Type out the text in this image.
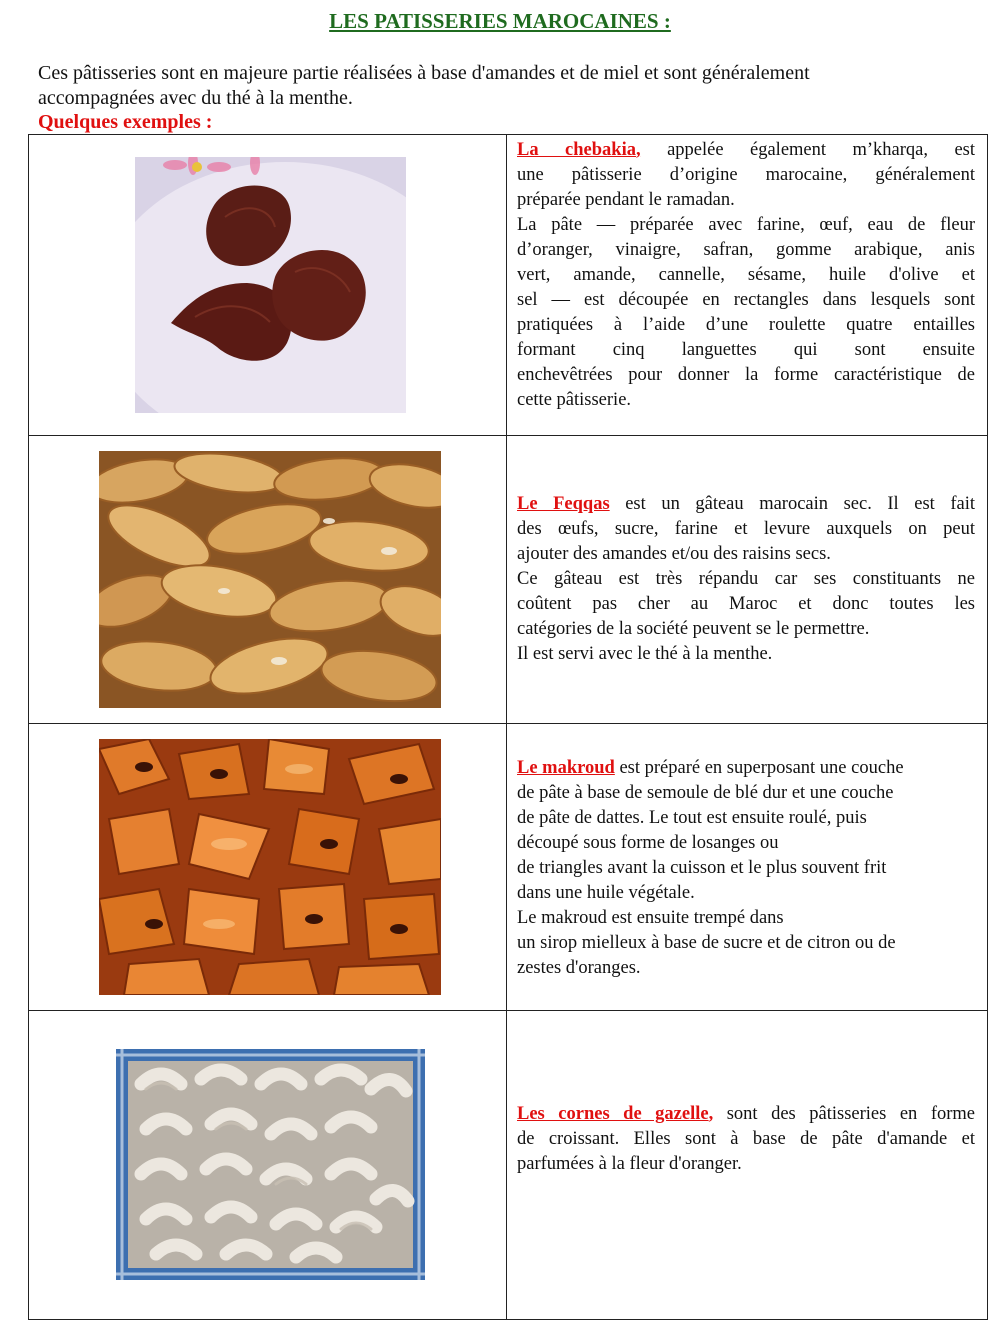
LES PATISSERIES MAROCAINES :
Ces pâtisseries sont en majeure partie réalisées à base d'amandes et de miel et sont généralement
accompagnées avec du thé à la menthe.
Quelques exemples :

La chebakia, appelée également m’kharqa, est
une pâtisserie d’origine marocaine, généralement
préparée pendant le ramadan.

La pâte — préparée avec farine, œuf, eau de fleur
d’oranger, vinaigre, safran, gomme arabique, anis
vert, amande, cannelle, sésame, huile d'olive et
sel — est découpée en rectangles dans lesquels sont
pratiquées à l’aide d’une roulette quatre entailles
formant cinq languettes qui sont ensuite
enchevêtrées pour donner la forme caractéristique de
cette pâtisserie.

Le Feqqas est un gâteau marocain sec. Il est fait
des œufs, sucre, farine et levure auxquels on peut
ajouter des amandes et/ou des raisins secs.

Ce gâteau est très répandu car ses constituants ne
coûtent pas cher au Maroc et donc toutes les
catégories de la société peuvent se le permettre.

Il est servi avec le thé à la menthe.

Le makroud est préparé en superposant une couche
de pâte à base de semoule de blé dur et une couche
de pâte de dattes. Le tout est ensuite roulé, puis
découpé sous forme de losanges ou
de triangles avant la cuisson et le plus souvent frit
dans une huile végétale.

Le makroud est ensuite trempé dans
un sirop mielleux à base de sucre et de citron ou de
zestes d'oranges.

Les cornes de gazelle, sont des pâtisseries en forme
de croissant. Elles sont à base de pâte d'amande et
parfumées à la fleur d'oranger.
